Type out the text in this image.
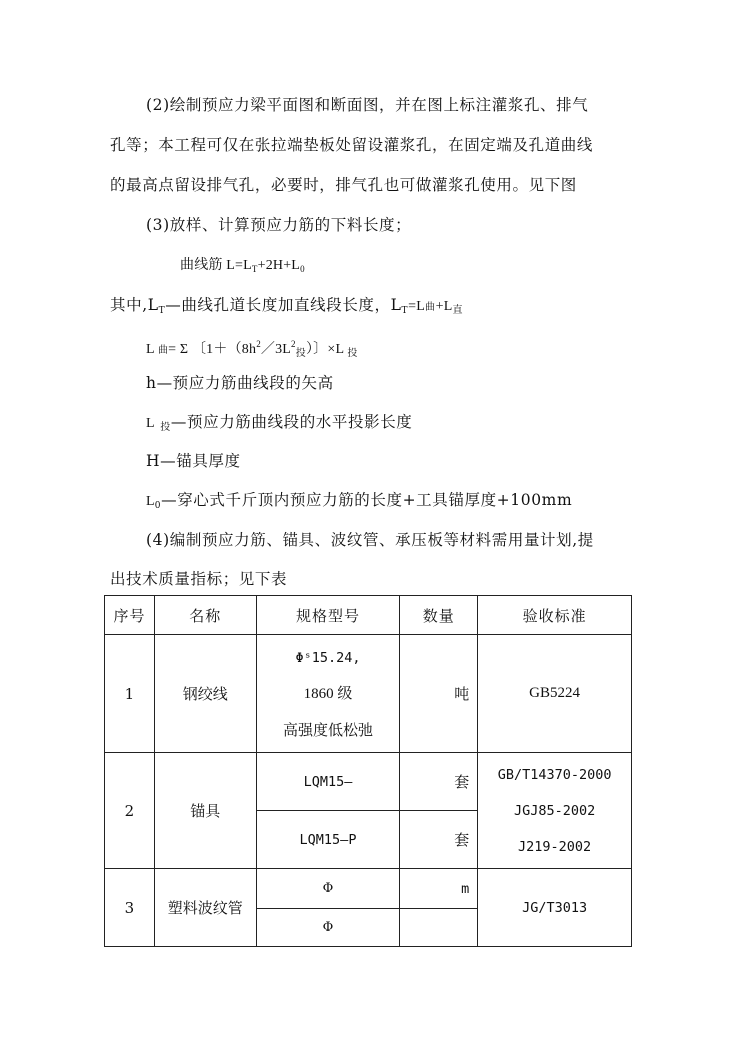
(2)绘制预应力梁平面图和断面图，并在图上标注灌浆孔、排气
孔等；本工程可仅在张拉端垫板处留设灌浆孔，在固定端及孔道曲线
的最高点留设排气孔，必要时，排气孔也可做灌浆孔使用。见下图
(3)放样、计算预应力筋的下料长度；
曲线筋 $L=L_T+2H+L_0$
其中$,L_T—$曲线孔道长度加直线段长度，$L_T=L$曲+L直
L 曲= Σ 〔$1+(8h^2/3L^2_投)$〕×L $_投$
h—预应力筋曲线段的矢高
L 投—预应力筋曲线段的水平投影长度
H—锚具厚度
$L_0—$穿心式千斤顶内预应力筋的长度+工具锚厚度+100mm
(4)编制预应力筋、锚具、波纹管、承压板等材料需用量计划,提
出技术质量指标；见下表
序号	名称	规格型号	数量	验收标准
1	钢绞线	Φˢ15.24,
1860 级
高强度低松弛	吨	GB5224
2	锚具	LQM15—	套	GB/T14370-2000
JGJ85-2002
J219-2002

		LQM15—P	套	
3	塑料波纹管	Φ	m	JG/T3013
		Φ		
